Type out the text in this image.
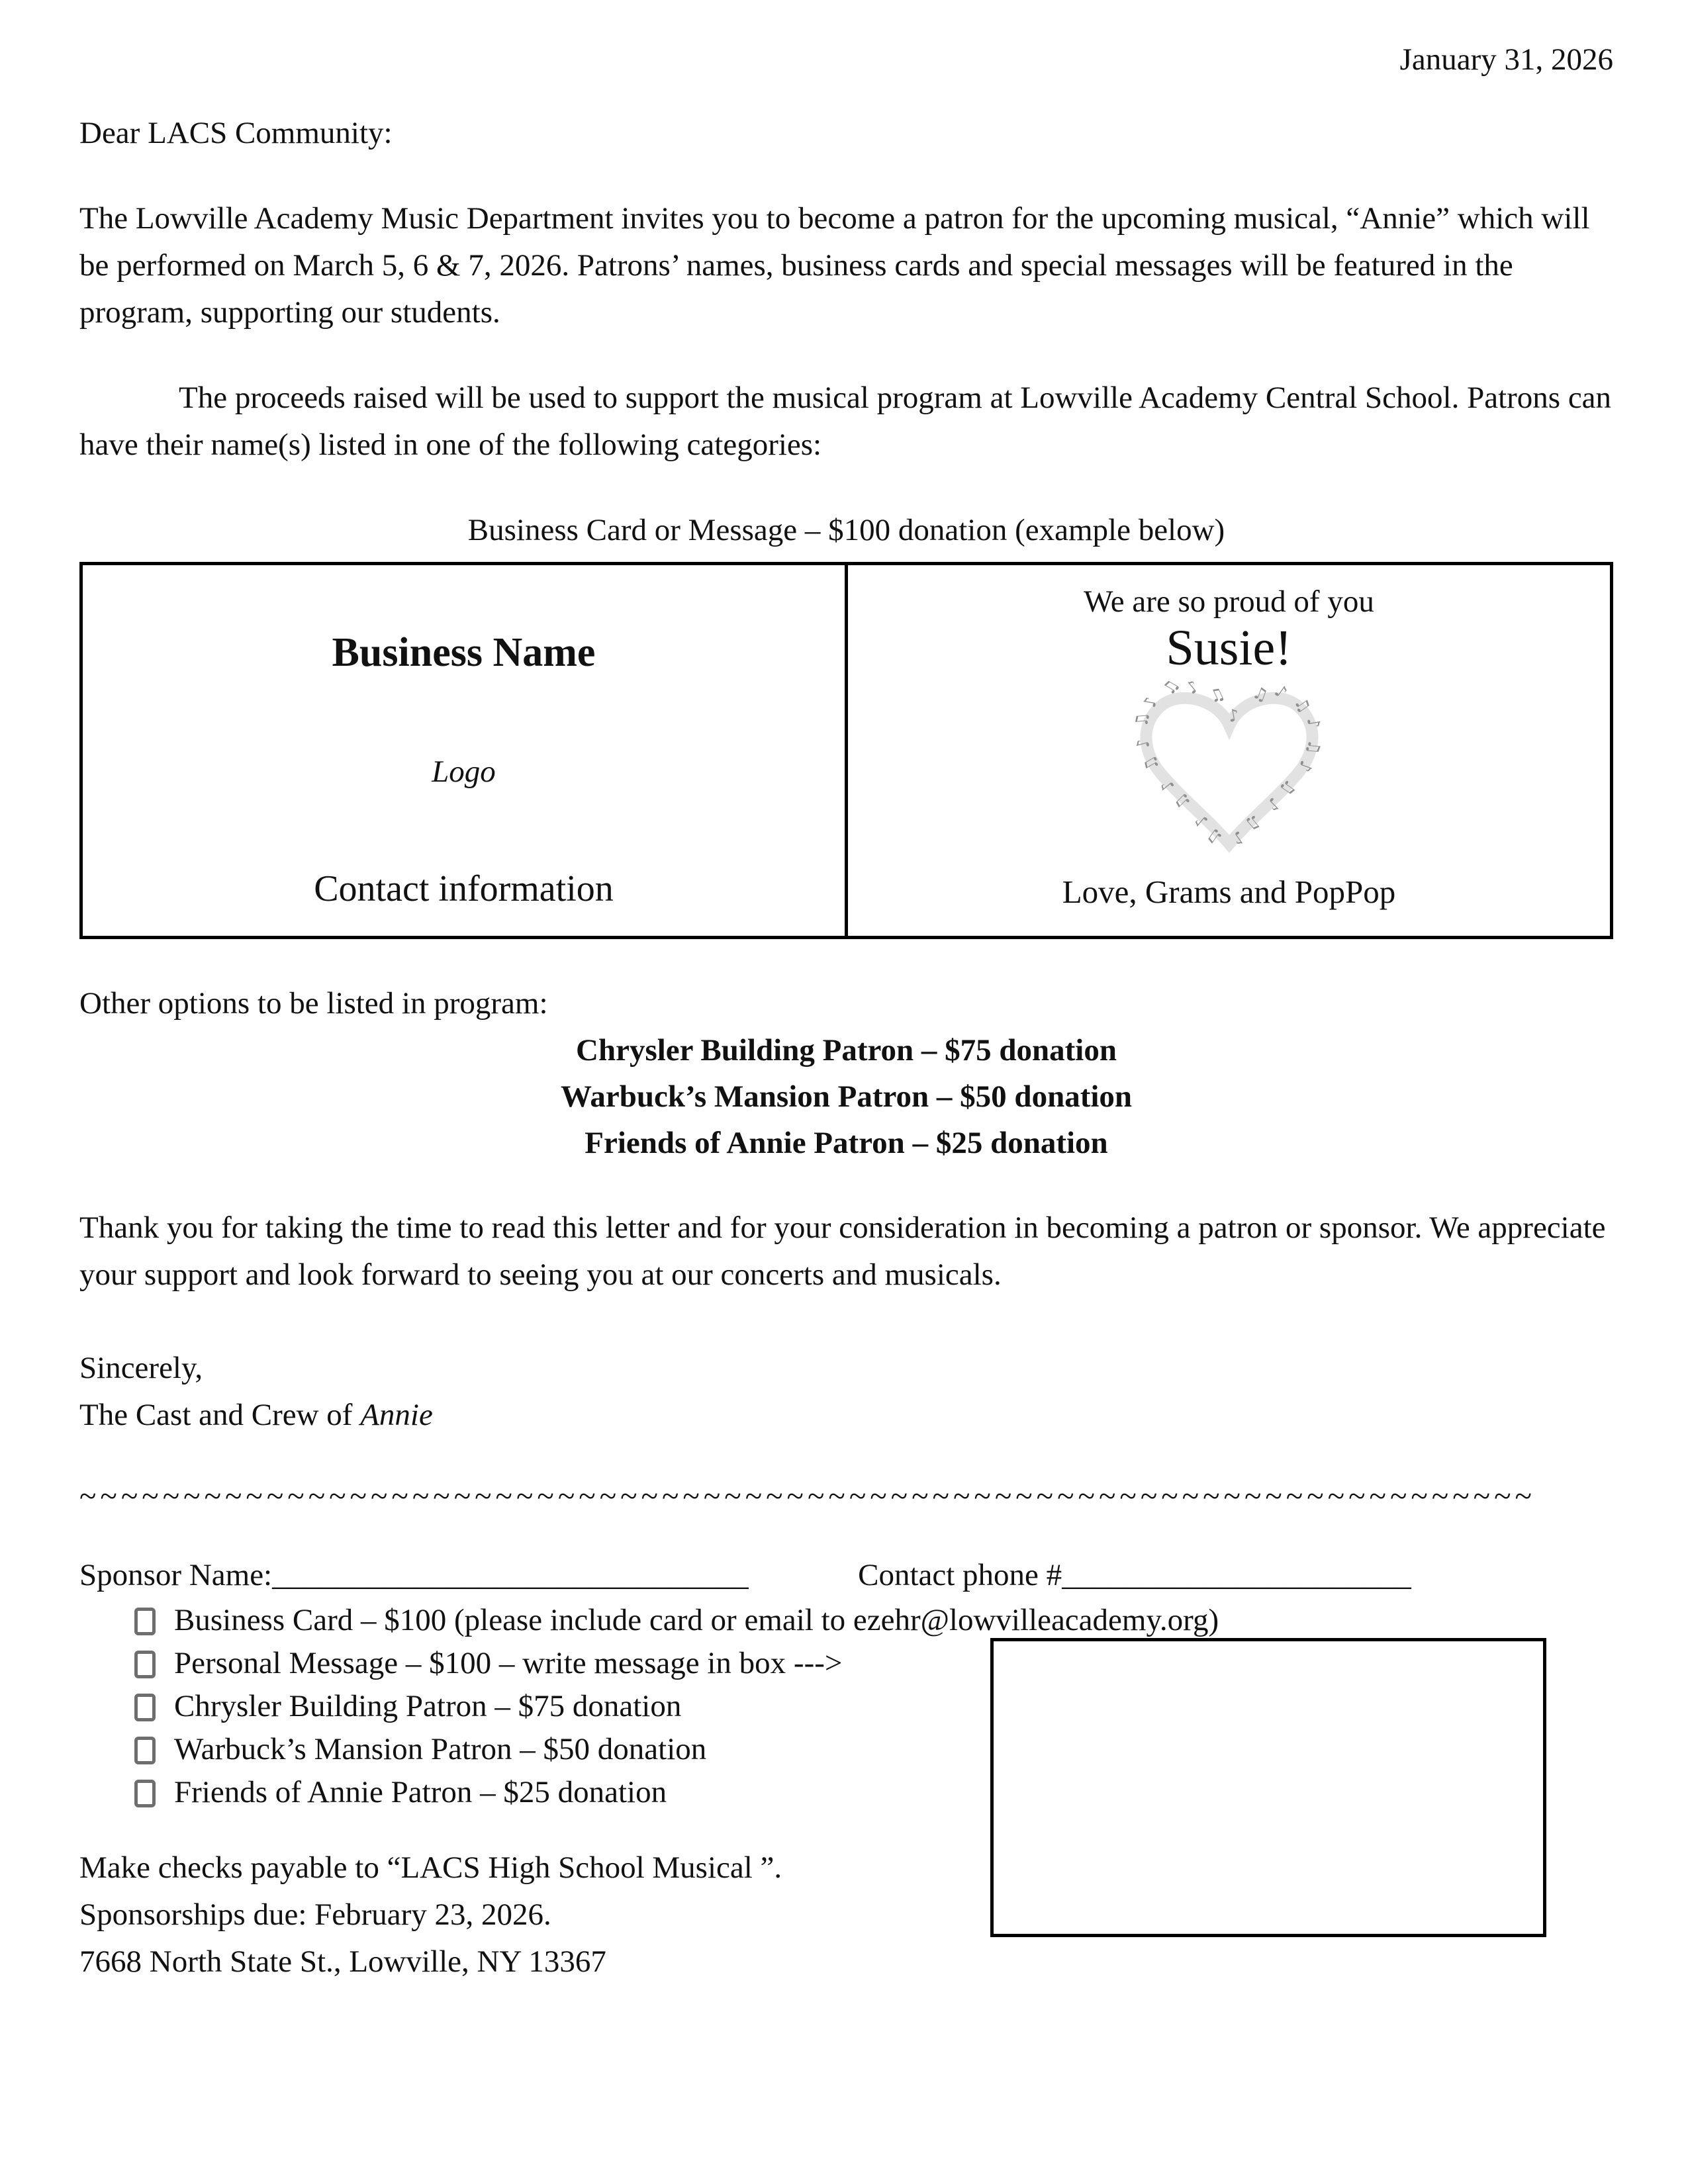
January 31, 2026
Dear LACS Community:
The Lowville Academy Music Department invites you to become a patron for the upcoming musical, “Annie” which will be performed on March 5, 6 & 7, 2026. Patrons’ names, business cards and special messages will be featured in the program, supporting our students.
The proceeds raised will be used to support the musical program at Lowville Academy Central School. Patrons can have their name(s) listed in one of the following categories:
Business Card or Message – $100 donation (example below)
Business Name
Logo
Contact information

We are so proud of you
Susie!
♪
♫
♪
♫
♪
♫
♪
♫
♪
♫
♪
♫ ♪
♫
♪
♫
♪
♫
♪
♫
♪
♫
Love, Grams and PopPop
Other options to be listed in program:
Chrysler Building Patron – $75 donation
Warbuck’s Mansion Patron – $50 donation
Friends of Annie Patron – $25 donation
Thank you for taking the time to read this letter and for your consideration in becoming a patron or sponsor. We appreciate your support and look forward to seeing you at our concerts and musicals.
Sincerely,
The Cast and Crew of Annie
~~~~~~~~~~~~~~~~~~~~~~~~~~~~~~~~~~~~~~~~~~~~~~~~~~~~~~~~~~~~~~~~~~~~~~
Sponsor Name:______________________________	Contact phone #______________________
Business Card – $100 (please include card or email to ezehr@lowvilleacademy.org)
Personal Message – $100 – write message in box --->
Chrysler Building Patron – $75 donation
Warbuck’s Mansion Patron – $50 donation
Friends of Annie Patron – $25 donation
Make checks payable to “LACS High School Musical ”.
Sponsorships due: February 23, 2026.
7668 North State St., Lowville, NY 13367
